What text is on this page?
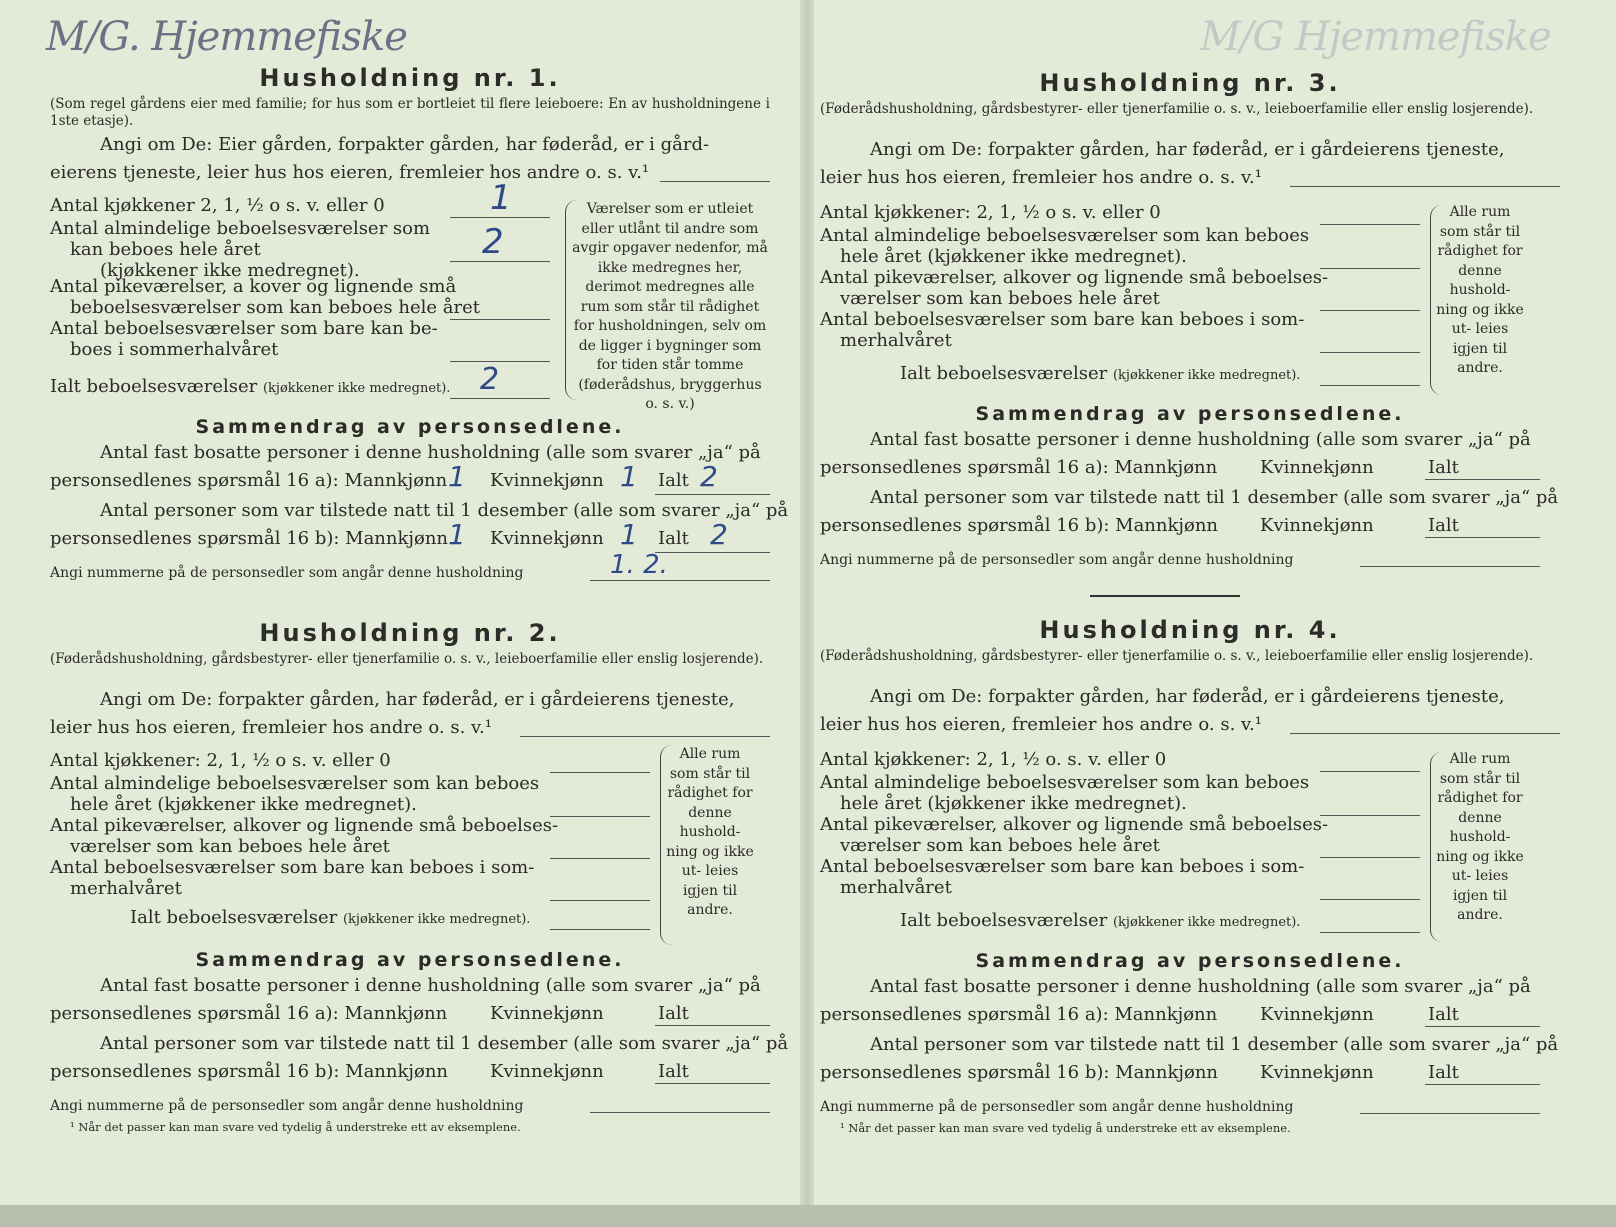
M/G. Hjemmefiske
Husholdning nr. 1.
(Som regel gårdens eier med familie; for hus som er bortleiet til flere leieboere: En av husholdningene i 1ste etasje).
Angi om De: Eier gården, forpakter gården, har føderåd, er i gård-
eierens tjeneste, leier hus hos eieren, fremleier hos andre o. s. v.¹
Antal kjøkkener 2, 1, ½ o s. v. eller 0	1
Antal almindelige beboelsesværelser som
kan beboes hele året	2
(kjøkkener ikke medregnet).
Antal pikeværelser, a kover og lignende små
beboelsesværelser som kan beboes hele året
Antal beboelsesværelser som bare kan be-
boes i sommerhalvåret
Ialt beboelsesværelser (kjøkkener ikke medregnet). 2
Værelser som er utleiet eller utlånt til andre som avgir opgaver nedenfor, må ikke medregnes her, derimot medregnes alle rum som står til rådighet for husholdningen, selv om de ligger i bygninger som for tiden står tomme (føderådshus, bryggerhus o. s. v.)
Sammendrag av personsedlene.
Antal fast bosatte personer i denne husholdning (alle som svarer „ja“ på
personsedlenes spørsmål 16 a): Mannkjønn 1 Kvinnekjønn 1 Ialt 2
Antal personer som var tilstede natt til 1 desember (alle som svarer „ja“ på
personsedlenes spørsmål 16 b): Mannkjønn 1 Kvinnekjønn 1 Ialt 2
Angi nummerne på de personsedler som angår denne husholdning	1. 2.
Husholdning nr. 2.
(Føderådshusholdning, gårdsbestyrer- eller tjenerfamilie o. s. v., leieboerfamilie eller enslig losjerende).
Angi om De: forpakter gården, har føderåd, er i gårdeierens tjeneste,
leier hus hos eieren, fremleier hos andre o. s. v.¹
Antal kjøkkener: 2, 1, ½ o s. v. eller 0
Antal almindelige beboelsesværelser som kan beboes
hele året (kjøkkener ikke medregnet).
Antal pikeværelser, alkover og lignende små beboelses-
værelser som kan beboes hele året
Antal beboelsesværelser som bare kan beboes i som-
merhalvåret
Ialt beboelsesværelser (kjøkkener ikke medregnet).
Alle rum som står til rådighet for denne hushold- ning og ikke ut- leies igjen til andre.
Sammendrag av personsedlene.
Antal fast bosatte personer i denne husholdning (alle som svarer „ja“ på
personsedlenes spørsmål 16 a): Mannkjønn Kvinnekjønn	Ialt
Antal personer som var tilstede natt til 1 desember (alle som svarer „ja“ på
personsedlenes spørsmål 16 b): Mannkjønn Kvinnekjønn	Ialt
Angi nummerne på de personsedler som angår denne husholdning
¹ Når det passer kan man svare ved tydelig å understreke ett av eksemplene.
M/G Hjemmefiske
Husholdning nr. 3.
(Føderådshusholdning, gårdsbestyrer- eller tjenerfamilie o. s. v., leieboerfamilie eller enslig losjerende).
Angi om De: forpakter gården, har føderåd, er i gårdeierens tjeneste,
leier hus hos eieren, fremleier hos andre o. s. v.¹
Antal kjøkkener: 2, 1, ½ o s. v. eller 0
Antal almindelige beboelsesværelser som kan beboes
hele året (kjøkkener ikke medregnet).
Antal pikeværelser, alkover og lignende små beboelses-
værelser som kan beboes hele året
Antal beboelsesværelser som bare kan beboes i som-
merhalvåret
Ialt beboelsesværelser (kjøkkener ikke medregnet).
Alle rum som står til rådighet for denne hushold- ning og ikke ut- leies igjen til andre.
Sammendrag av personsedlene.
Antal fast bosatte personer i denne husholdning (alle som svarer „ja“ på
personsedlenes spørsmål 16 a): Mannkjønn Kvinnekjønn	Ialt
Antal personer som var tilstede natt til 1 desember (alle som svarer „ja“ på
personsedlenes spørsmål 16 b): Mannkjønn Kvinnekjønn	Ialt
Angi nummerne på de personsedler som angår denne husholdning
Husholdning nr. 4.
(Føderådshusholdning, gårdsbestyrer- eller tjenerfamilie o. s. v., leieboerfamilie eller enslig losjerende).
Angi om De: forpakter gården, har føderåd, er i gårdeierens tjeneste,
leier hus hos eieren, fremleier hos andre o. s. v.¹
Antal kjøkkener: 2, 1, ½ o. s. v. eller 0
Antal almindelige beboelsesværelser som kan beboes
hele året (kjøkkener ikke medregnet).
Antal pikeværelser, alkover og lignende små beboelses-
værelser som kan beboes hele året
Antal beboelsesværelser som bare kan beboes i som-
merhalvåret
Ialt beboelsesværelser (kjøkkener ikke medregnet).
Alle rum som står til rådighet for denne hushold- ning og ikke ut- leies igjen til andre.
Sammendrag av personsedlene.
Antal fast bosatte personer i denne husholdning (alle som svarer „ja“ på
personsedlenes spørsmål 16 a): Mannkjønn Kvinnekjønn	Ialt
Antal personer som var tilstede natt til 1 desember (alle som svarer „ja“ på
personsedlenes spørsmål 16 b): Mannkjønn Kvinnekjønn	Ialt
Angi nummerne på de personsedler som angår denne husholdning
¹ Når det passer kan man svare ved tydelig å understreke ett av eksemplene.
